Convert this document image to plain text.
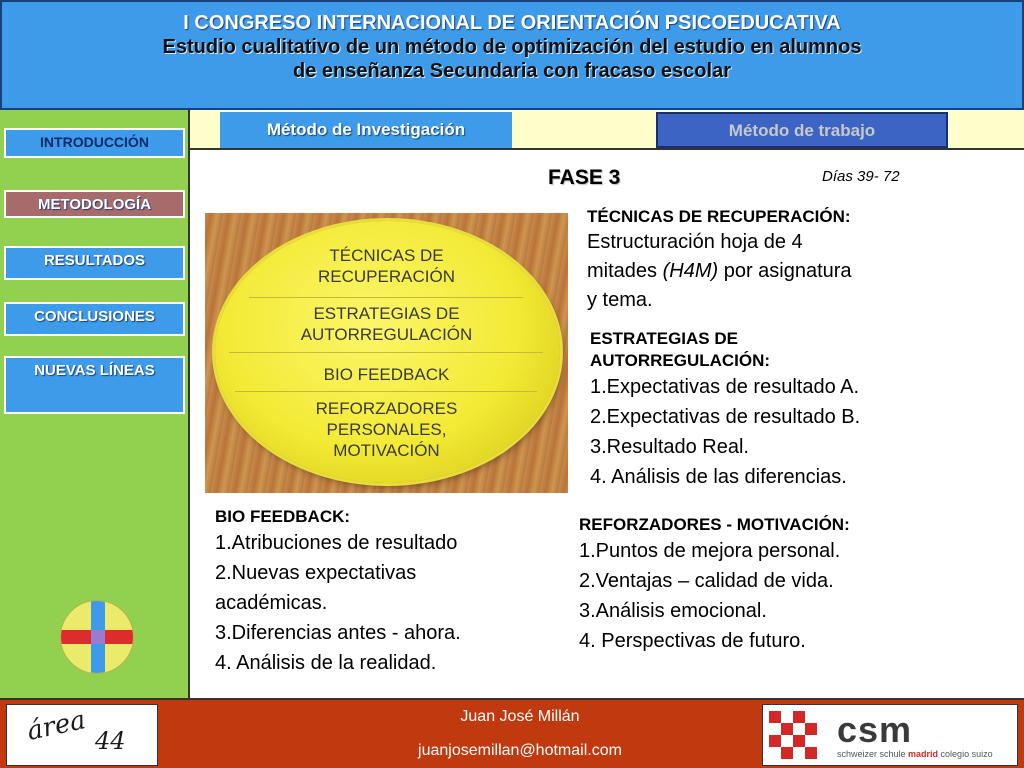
I CONGRESO INTERNACIONAL DE ORIENTACIÓN PSICOEDUCATIVA
Estudio cualitativo de un método de optimización del estudio en alumnos
de enseñanza Secundaria con fracaso escolar
INTRODUCCIÓN
METODOLOGÍA
RESULTADOS
CONCLUSIONES
NUEVAS LÍNEAS
Método de Investigación	Método de trabajo
FASE 3	Días 39- 72
TÉCNICAS DE
RECUPERACIÓN
ESTRATEGIAS DE
AUTORREGULACIÓN
BIO FEEDBACK
REFORZADORES
PERSONALES,
MOTIVACIÓN
TÉCNICAS DE RECUPERACIÓN:
Estructuración hoja de 4
mitades (H4M) por asignatura
y tema.
ESTRATEGIAS DE
AUTORREGULACIÓN:
1.Expectativas de resultado A.
2.Expectativas de resultado B.
3.Resultado Real.
4. Análisis de las diferencias.
BIO FEEDBACK:
1.Atribuciones de resultado
2.Nuevas expectativas
académicas.
3.Diferencias antes - ahora.
4. Análisis de la realidad.
REFORZADORES - MOTIVACIÓN:
1.Puntos de mejora personal.
2.Ventajas – calidad de vida.
3.Análisis emocional.
4. Perspectivas de futuro.
área 44
Juan José Millán
juanjosemillan@hotmail.com
csm
schweizer schule madrid colegio suizo
